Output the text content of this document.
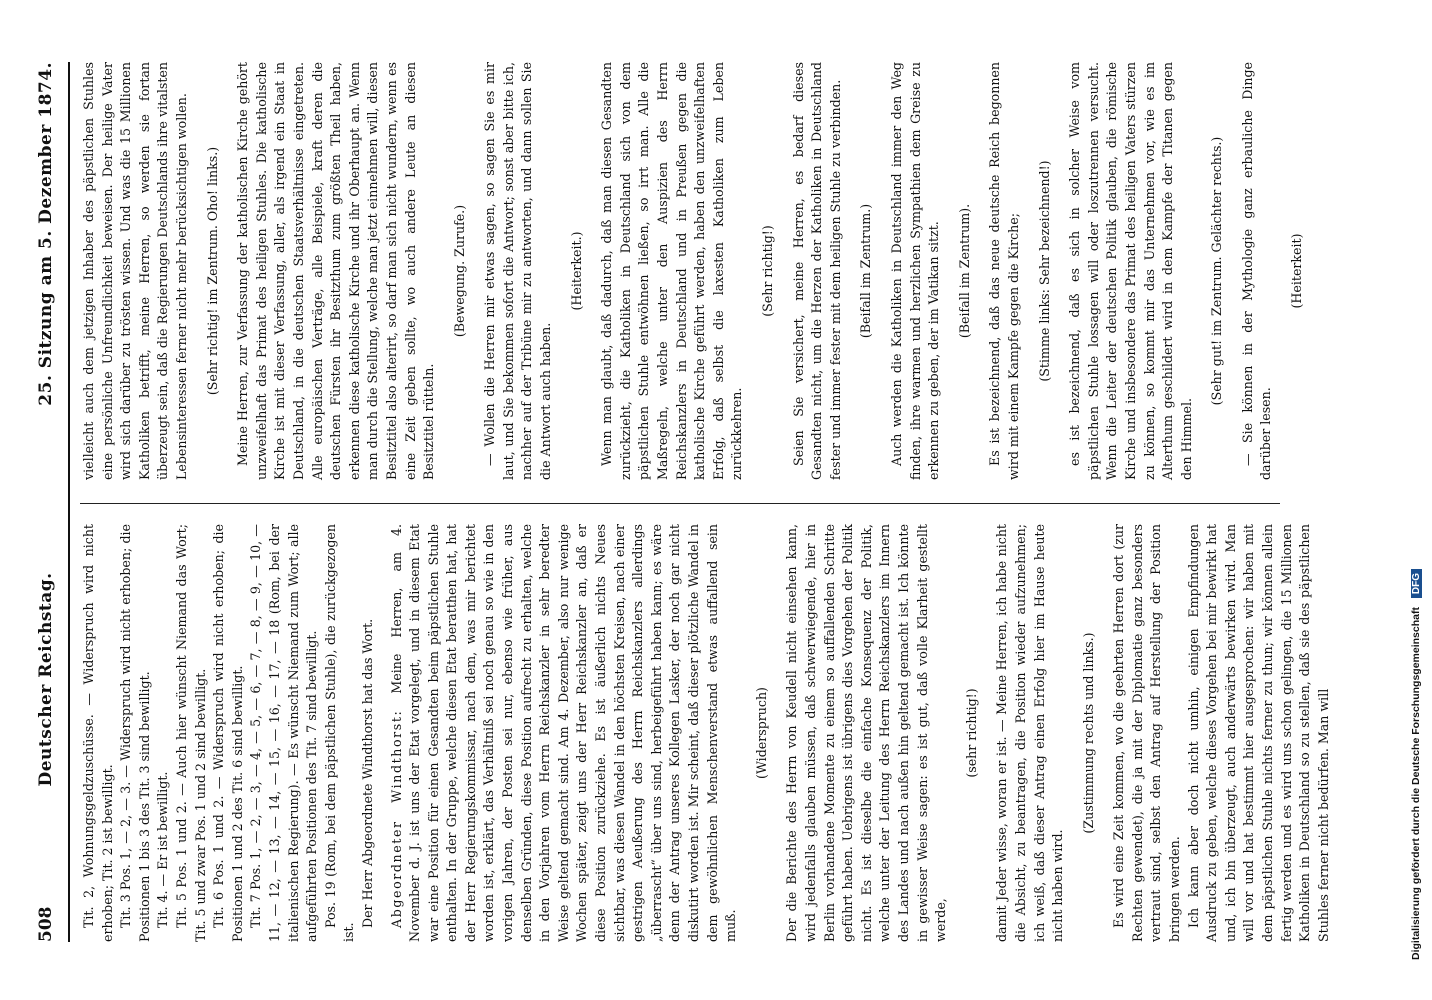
508
Deutscher Reichstag.
25. Sitzung am 5. Dezember 1874.

Tit. 2, Wohnungsgeldzuschüsse. — Widerspruch wird nicht erhoben; Tit. 2 ist bewilligt. Tit. 3 Pos. 1, — 2, — 3. — Widerspruch wird nicht erhoben; die Positionen 1 bis 3 des Tit. 3 sind bewilligt. Tit. 4. — Er ist bewilligt. Tit. 5 Pos. 1 und 2. — Auch hier wünscht Niemand das Wort; Tit. 5 und zwar Pos. 1 und 2 sind bewilligt. Tit. 6 Pos. 1 und 2. — Widerspruch wird nicht erhoben; die Positionen 1 und 2 des Tit. 6 sind bewilligt. Tit. 7 Pos. 1, — 2, — 3, — 4, — 5, — 6, — 7, — 8, — 9, — 10, — 11, — 12, — 13, — 14, — 15, — 16, — 17, — 18 (Rom, bei der italienischen Regierung). — Es wünscht Niemand zum Wort; alle aufgeführten Positionen des Tit. 7 sind bewilligt. Pos. 19 (Rom, bei dem päpstlichen Stuhle), die zurückgezogen ist.

Der Herr Abgeordnete Windthorst hat das Wort. Abgeordneter Windthorst: Meine Herren, am 4. November d. J. ist uns der Etat vorgelegt, und in diesem Etat war eine Position für einen Gesandten beim päpstlichen Stuhle enthalten. In der Gruppe, welche diesen Etat beratthen hat, hat der Herr Regierungskommissar, nach dem, was mir berichtet worden ist, erklärt, das Verhältniß sei noch genau so wie in den vorigen Jahren, der Posten sei nur, ebenso wie früher, aus denselben Gründen, diese Position aufrecht zu erhalten, welche in den Vorjahren vom Herrn Reichskanzler in sehr beredter Weise geltend gemacht sind. Am 4. Dezember, also nur wenige Wochen später, zeigt uns der Herr Reichskanzler an, daß er diese Position zurückziehe. Es ist äußerlich nichts Neues sichtbar, was diesen Wandel in den höchsten Kreisen, nach einer gestrigen Aeußerung des Herrn Reichskanzlers allerdings „überrascht“ über uns sind, herbeigeführt haben kann; es wäre denn der Antrag unseres Kollegen Lasker, der noch gar nicht diskutirt worden ist. Mir scheint, daß dieser plötzliche Wandel in dem gewöhnlichen Menschenverstand etwas auffallend sein muß.

(Widerspruch) Der die Berichte des Herrn von Keudell nicht einsehen kann, wird jedenfalls glauben müssen, daß schwerwiegende, hier in Berlin vorhandene Momente zu einem so auffallenden Schritte geführt haben. Uebrigens ist übrigens dies Vorgehen der Politik nicht. Es ist dieselbe die einfache Konsequenz der Politik, welche unter der Leitung des Herrn Reichskanzlers im Innern des Landes und nach außen hin geltend gemacht ist. Ich könnte in gewisser Weise sagen: es ist gut, daß volle Klarheit gestellt werde,

(sehr richtig!) damit Jeder wisse, woran er ist. — Meine Herren, ich habe nicht die Absicht, zu beantragen, die Position wieder aufzunehmen; ich weiß, daß dieser Antrag einen Erfolg hier im Hause heute nicht haben wird.

(Zustimmung rechts und links.) Es wird eine Zeit kommen, wo die geehrten Herren dort (zur Rechten gewendet), die ja mit der Diplomatie ganz besonders vertraut sind, selbst den Antrag auf Herstellung der Position bringen werden. Ich kann aber doch nicht umhin, einigen Empfindungen Ausdruck zu geben, welche dieses Vorgehen bei mir bewirkt hat und, ich bin überzeugt, auch anderwärts bewirken wird. Man will vor und hat bestimmt hier ausgesprochen: wir haben mit dem päpstlichen Stuhle nichts ferner zu thun; wir können allein fertig werden und es wird uns schon gelingen, die 15 Millionen Katholiken in Deutschland so zu stellen, daß sie des päpstlichen Stuhles ferner nicht bedürfen. Man will

vielleicht auch dem jetzigen Inhaber des päpstlichen Stuhles eine persönliche Unfreundlichkeit beweisen. Der heilige Vater wird sich darüber zu trösten wissen. Und was die 15 Millionen Katholiken betrifft, meine Herren, so werden sie fortan überzeugt sein, daß die Regierungen Deutschlands ihre vitalsten Lebensinteressen ferner nicht mehr berücksichtigen wollen. (Sehr richtig! im Zentrum. Oho! links.) Meine Herren, zur Verfassung der katholischen Kirche gehört unzweifelhaft das Primat des heiligen Stuhles. Die katholische Kirche ist mit dieser Verfassung, aller, als irgend ein Staat in Deutschland, in die deutschen Staatsverhältnisse eingetreten. Alle europäischen Verträge, alle Beispiele, kraft deren die deutschen Fürsten ihr Besitzthum zum größten Theil haben, erkennen diese katholische Kirche und ihr Oberhaupt an. Wenn man durch die Stellung, welche man jetzt einnehmen will, diesen Besitztitel also alterirt, so darf man sich nicht wundern, wenn es eine Zeit geben sollte, wo auch andere Leute an diesen Besitztitel rütteln.

(Bewegung. Zurufe.) — Wollen die Herren mir etwas sagen, so sagen Sie es mir laut, und Sie bekommen sofort die Antwort; sonst aber bitte ich, nachher auf der Tribüne mir zu antworten, und dann sollen Sie die Antwort auch haben.

(Heiterkeit.) Wenn man glaubt, daß dadurch, daß man diesen Gesandten zurückzieht, die Katholiken in Deutschland sich von dem päpstlichen Stuhle entwöhnen ließen, so irrt man. Alle die Maßregeln, welche unter den Auspizien des Herrn Reichskanzlers in Deutschland und in Preußen gegen die katholische Kirche geführt werden, haben den unzweifelhaften Erfolg, daß selbst die laxesten Katholiken zum Leben zurückkehren.

(Sehr richtig!) Seien Sie versichert, meine Herren, es bedarf dieses Gesandten nicht, um die Herzen der Katholiken in Deutschland fester und immer fester mit dem heiligen Stuhle zu verbinden. (Beifall im Zentrum.) Auch werden die Katholiken in Deutschland immer den Weg finden, ihre warmen und herzlichen Sympathien dem Greise zu erkennen zu geben, der im Vatikan sitzt. (Beifall im Zentrum). Es ist bezeichnend, daß das neue deutsche Reich begonnen wird mit einem Kampfe gegen die Kirche; (Stimme links: Sehr bezeichnend!) es ist bezeichnend, daß es sich in solcher Weise vom päpstlichen Stuhle lossagen will oder loszutrennen versucht. Wenn die Leiter der deutschen Politik glauben, die römische Kirche und insbesondere das Primat des heiligen Vaters stürzen zu können, so kommt mir das Unternehmen vor, wie es im Alterthum geschildert wird in dem Kampfe der Titanen gegen den Himmel.

(Sehr gut! im Zentrum. Gelächter rechts.) — Sie können in der Mythologie ganz erbauliche Dinge darüber lesen.

(Heiterkeit)

Digitalisierung gefördert durch die Deutsche Forschungsgemeinschaft DFG
